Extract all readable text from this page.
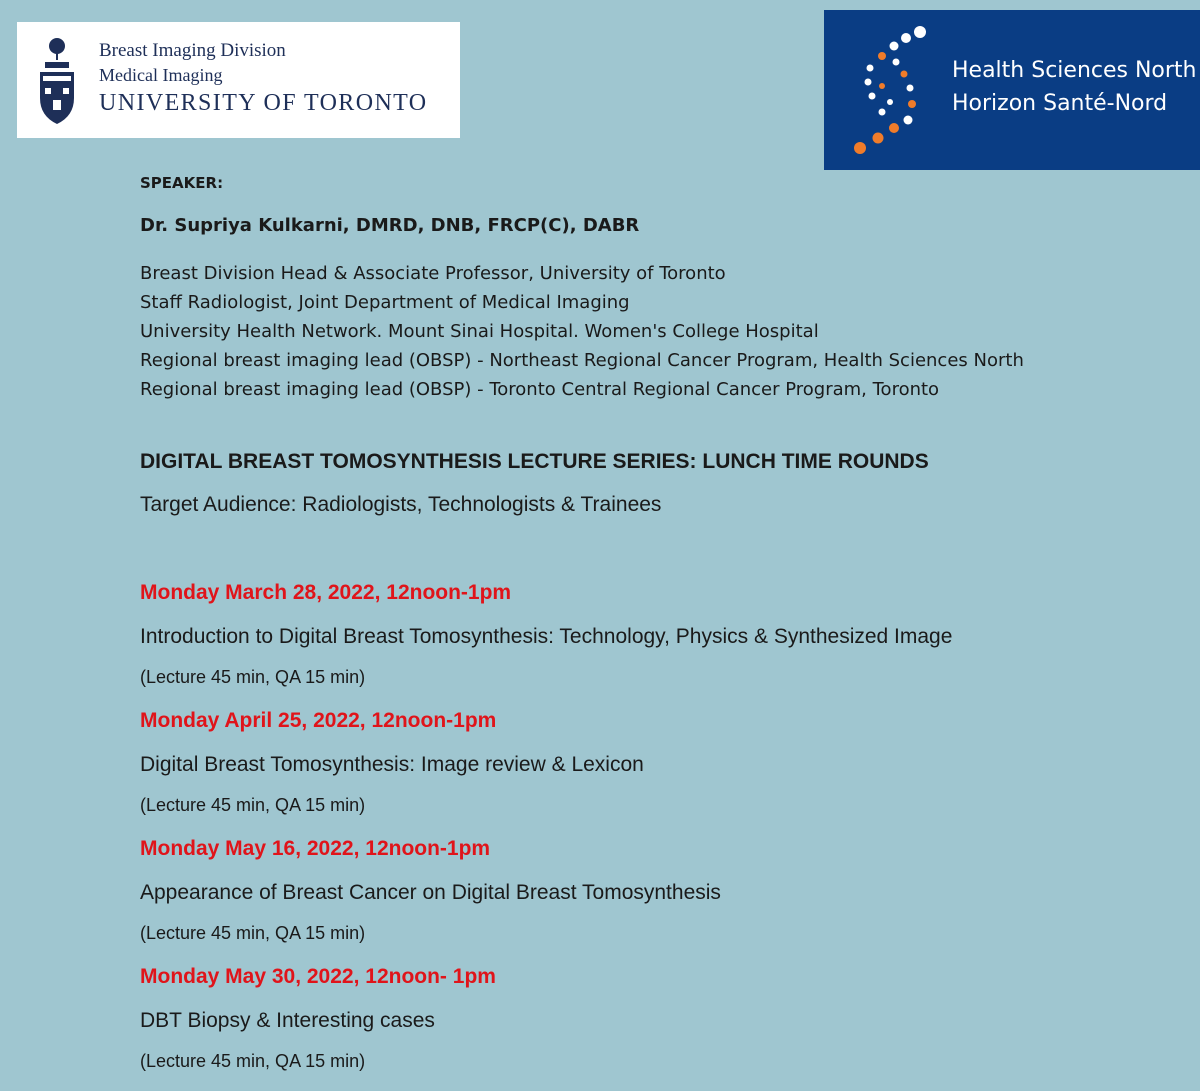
Breast Imaging Division
Medical Imaging
UNIVERSITY OF TORONTO
Health Sciences North
Horizon Santé-Nord
SPEAKER:
Dr. Supriya Kulkarni, DMRD, DNB, FRCP(C), DABR
Breast Division Head & Associate Professor, University of Toronto
Staff Radiologist, Joint Department of Medical Imaging
University Health Network. Mount Sinai Hospital. Women's College Hospital
Regional breast imaging lead (OBSP) - Northeast Regional Cancer Program, Health Sciences North
Regional breast imaging lead (OBSP) - Toronto Central Regional Cancer Program, Toronto
DIGITAL BREAST TOMOSYNTHESIS LECTURE SERIES: LUNCH TIME ROUNDS
Target Audience: Radiologists, Technologists & Trainees
Monday March 28, 2022, 12noon-1pm
Introduction to Digital Breast Tomosynthesis: Technology, Physics & Synthesized Image
(Lecture 45 min, QA 15 min)
Monday April 25, 2022, 12noon-1pm
Digital Breast Tomosynthesis: Image review & Lexicon
(Lecture 45 min, QA 15 min)
Monday May 16, 2022, 12noon-1pm
Appearance of Breast Cancer on Digital Breast Tomosynthesis
(Lecture 45 min, QA 15 min)
Monday May 30, 2022, 12noon- 1pm
DBT Biopsy & Interesting cases
(Lecture 45 min, QA 15 min)
